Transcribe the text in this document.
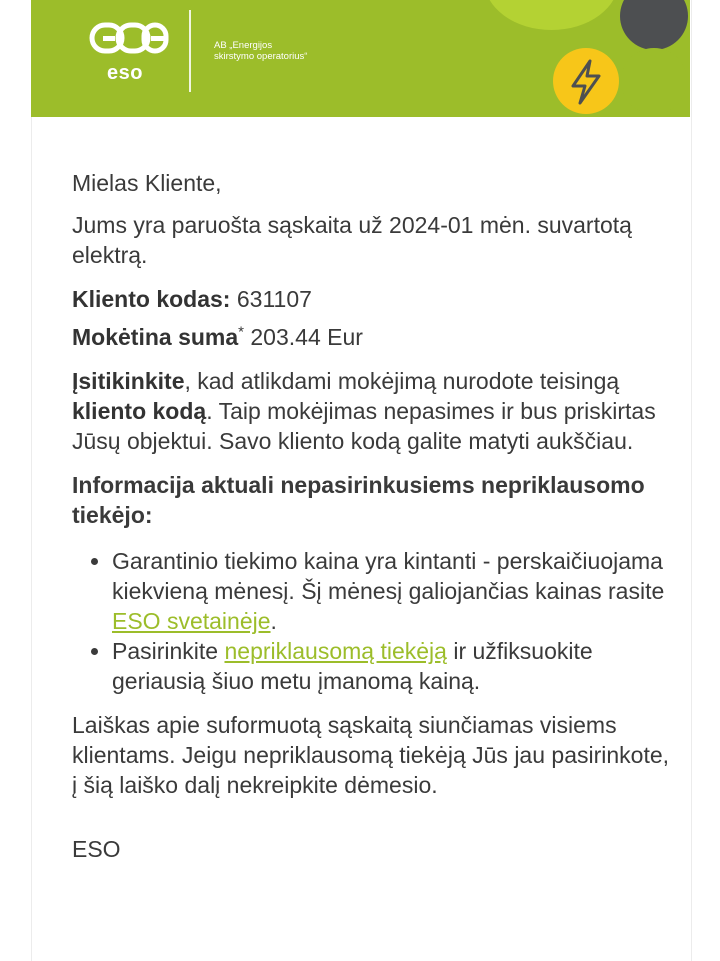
eso
AB „Energijos
skirstymo operatorius“

Mielas Kliente,

Jums yra paruošta sąskaita už 2024-01 mėn. suvartotą elektrą.

Kliento kodas: 631107

Mokėtina suma* 203.44 Eur

Įsitikinkite, kad atlikdami mokėjimą nurodote teisingą kliento kodą. Taip mokėjimas nepasimes ir bus priskirtas Jūsų objektui. Savo kliento kodą galite matyti aukščiau.

Informacija aktuali nepasirinkusiems nepriklausomo tiekėjo:

• Garantinio tiekimo kaina yra kintanti - perskaičiuojama kiekvieną mėnesį. Šį mėnesį galiojančias kainas rasite ESO svetainėje.
• Pasirinkite nepriklausomą tiekėją ir užfiksuokite geriausią šiuo metu įmanomą kainą.

Laiškas apie suformuotą sąskaitą siunčiamas visiems klientams. Jeigu nepriklausomą tiekėją Jūs jau pasirinkote, į šią laiško dalį nekreipkite dėmesio.

ESO
